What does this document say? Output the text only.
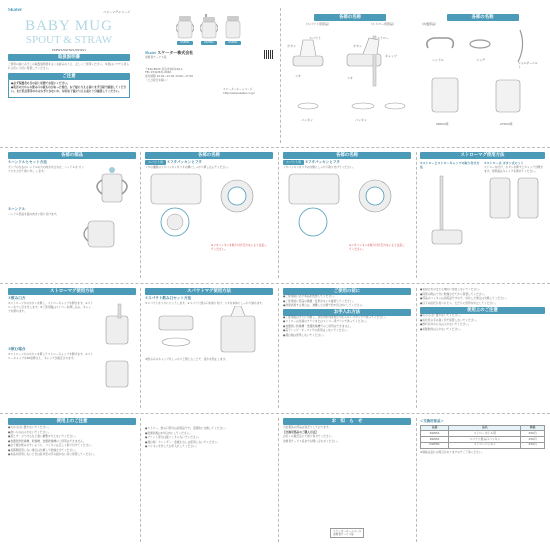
Skater	ベビーマグシリーズ
BABY MUG
SPOUT & STRAW
KSPW1/KSHW1/KSWS1
取扱説明書
ご使用の前に必ずこの取扱説明書をよくお読みのうえ、正しくご使用ください。本書はいつでも見られる所に大切に保管してください。
ご注意

●必ず保護者の目の届く状態でお使いください。

●乳首の穴からの飲み口の液もれがあった場合、お子様に与える前にまず目視で確認してください。また乳首部等のかみちぎりがないか、毎回お子様に与える前に十分確認してください。

KSPW1	KSHW1	KSWS1
Skater スケーター株式会社
消費者サービス係
〒630-8520 奈良市杏町216-1
TEL:0742(63)-2040
受付時間 10:00~12:00 13:00~17:00
（土日祝日を除く）
スケーターホームページ http://www.skater.co.jp/
各部の名称
（スパウト用部品）	（ストロー用部品）
フタ
ボタン
スパウト
パッキン
ストロー
フタ
キャップ
パッキン
ボタン
各部の名称
（共通部品）
ハンドル	リング
ショルダーベルト
280ml用	270ml用
各部の部品
①ハンドルとセット方法
カップの左右のハンドルの穴の向きを合わせ、ハンドルを カップにかぶせて取り外し します。
②ハンドル
ハンドル部品を図の向きに取り付けます。
各部の名称
スパウト用 ①フタパッキンとフタ
フタの裏側のフタパッキンをフタの溝にしっかり押し込んでください。
※フタパッキンを取り付け忘れないよう注意してください。
各部の名称
スパウト用 ②フタパッキンとフタ
フタパッキンをフタの内側にしっかり取り付けてください。
※フタパッキンを取り付け忘れないよう注意してください。
ストローマグ使用方法
①ストローとストローキャップの取り付け方法
②ストロー式 ボタン式セット
ストローを付け、ボタンを押すとキャップが開きます。使用後はキャップを閉めてください。
ストローマグ使用方法
①飲み口方
①ストローフタのボタンを押し、ストローキャップを開きます。②ストローを少し引き出します。③ご使用後はストローを押し込み、キャップを閉めます。
②飲む場合
①ストローフタのボタンを押してストローキャップを開けます。②ストローキャップを90度押さえ、キャップが固定されます。
スパウトマグ使用方法
①スパウト飲み口セット方法
①スパウトをフタにセットします。②スパウト飲み口を取り付け、フタを本体にしっかり締めます。
③飲み口のキャップをしっかりと閉じることで、洩れを防止します。
ご使用の前に

●ご使用前に必ず本品を洗浄してください。

●ご使用前に部品の破損・変形がないか確認してください。

●熱湯消毒する場合は、沸騰したお湯で約3分以内にしてください。

お手入れ方法

●ご使用後はすぐに分解し、台所用中性洗剤とやわらかいスポンジで洗ってください。

●ストローは付属のブラシまたはストロー用ブラシで洗ってください。

●食器洗い乾燥機・食器乾燥機でのご使用はできません。

●電子レンジ・オーブンでの使用はしないでください。

●漂白剤は使用しないでください。

●直射日光の当たる場所に保管しないでください。

●保管の際は十分に乾燥させてから保管してください。

●部品のパッキンは消耗品ですので、劣化した場合は交換してください。

●以下の症状が見られたら、ただちに使用を中止してください。

使用上のご注意

●火のそばに置かないでください。

●乳幼児の手の届く所で保管しないでください。

●飲料以外のものは入れないでください。

●炭酸飲料は入れないでください。

使用上のご注意

●火のそばに置かないでください。

●熱いものは入れないでください。

●落とす・ぶつけるなど強い衝撃を与えないでください。

●食器洗浄乾燥機、乾燥機、食器乾燥機のご使用はできません。

●お子様が飲みやすいように、パッキンは正しく取り付けてください。

●長期間使用しない場合は分解して乾燥させてください。

●本品を使用しないときは乳幼児の手の届かない所に保管してください。

●ストロー、飲み口部分は消耗品です。定期的に交換してください。

●熱湯消毒は3分以内にしてください。

●プリント部分は強くこすらないでください。

●漂白剤・クレンザー・金属たわしは使用しないでください。

●パッキンを外してお手入れしてください。

お　知　ら　せ

当社製品の部品は別売りしております。

【交換用部品のご購入方法】

お近くの販売店にて取り寄せてください。

消費者サービス係までお問い合わせください。

＜交換用部品＞
品番	品名	価格
KSWS1	ストローボトル用	250円
KSPW1	スパウト飲み口パッキン	250円
KSHW1	ストローパッキン	250円
※価格は変わる場合がありますのでご了承ください。
スケーターホームページ
消費者サービス係
